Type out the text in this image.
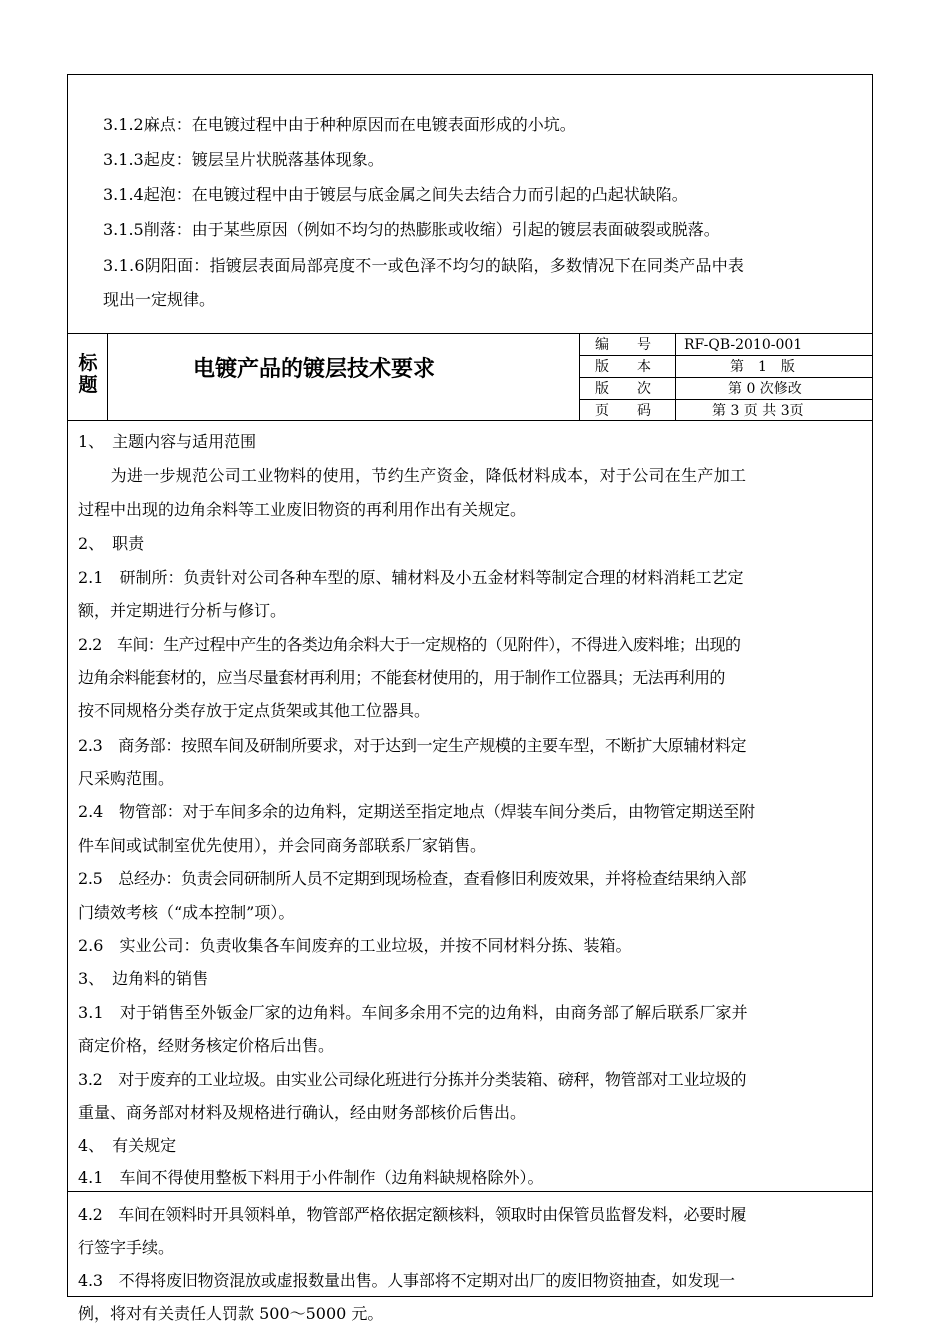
3.1.2麻点：在电镀过程中由于种种原因而在电镀表面形成的小坑。
3.1.3起皮：镀层呈片状脱落基体现象。
3.1.4起泡：在电镀过程中由于镀层与底金属之间失去结合力而引起的凸起状缺陷。
3.1.5削落：由于某些原因（例如不均匀的热膨胀或收缩）引起的镀层表面破裂或脱落。
3.1.6阴阳面：指镀层表面局部亮度不一或色泽不均匀的缺陷，多数情况下在同类产品中表
现出一定规律。
标题
电镀产品的镀层技术要求
编　　号 RF-QB-2010-001
版　　本	第　1　版
版　　次	第 0 次修改
页　　码	第 3 页 共 3页
1、　主题内容与适用范围
　　为进一步规范公司工业物料的使用，节约生产资金，降低材料成本，对于公司在生产加工
过程中出现的边角余料等工业废旧物资的再利用作出有关规定。
2、　职责
2.1　研制所：负责针对公司各种车型的原、辅材料及小五金材料等制定合理的材料消耗工艺定
额，并定期进行分析与修订。
2.2　车间：生产过程中产生的各类边角余料大于一定规格的（见附件），不得进入废料堆；出现的
边角余料能套材的，应当尽量套材再利用；不能套材使用的，用于制作工位器具；无法再利用的
按不同规格分类存放于定点货架或其他工位器具。
2.3　商务部：按照车间及研制所要求，对于达到一定生产规模的主要车型，不断扩大原辅材料定
尺采购范围。
2.4　物管部：对于车间多余的边角料，定期送至指定地点（焊装车间分类后，由物管定期送至附
件车间或试制室优先使用），并会同商务部联系厂家销售。
2.5　总经办：负责会同研制所人员不定期到现场检查，查看修旧利废效果，并将检查结果纳入部
门绩效考核（“成本控制”项）。
2.6　实业公司：负责收集各车间废弃的工业垃圾，并按不同材料分拣、装箱。
3、　边角料的销售
3.1　对于销售至外钣金厂家的边角料。车间多余用不完的边角料，由商务部了解后联系厂家并
商定价格，经财务核定价格后出售。
3.2　对于废弃的工业垃圾。由实业公司绿化班进行分拣并分类装箱、磅秤，物管部对工业垃圾的
重量、商务部对材料及规格进行确认，经由财务部核价后售出。
4、　有关规定
4.1　车间不得使用整板下料用于小件制作（边角料缺规格除外）。
4.2　车间在领料时开具领料单，物管部严格依据定额核料，领取时由保管员监督发料，必要时履
行签字手续。
4.3　不得将废旧物资混放或虚报数量出售。人事部将不定期对出厂的废旧物资抽查，如发现一
例，将对有关责任人罚款 500～5000 元。
